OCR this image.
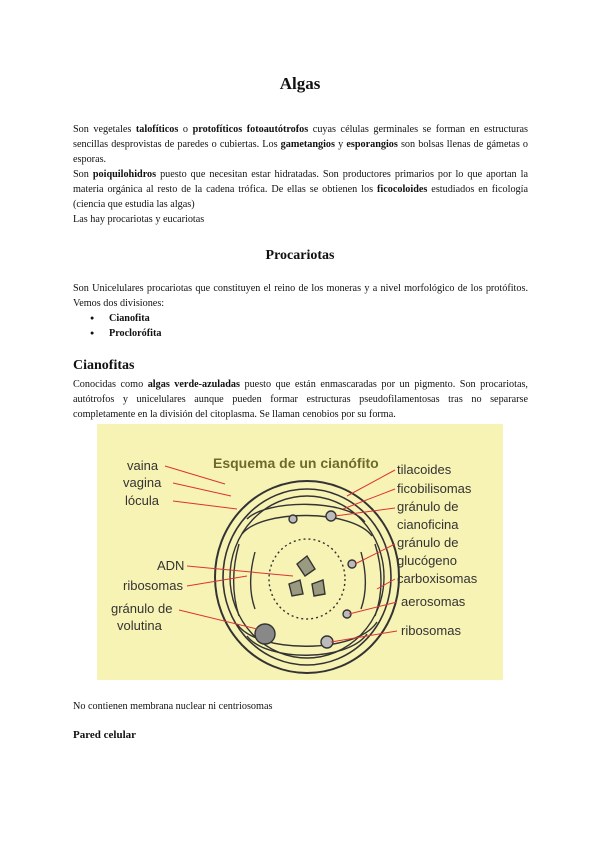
Algas
Son vegetales talofíticos o protofíticos fotoautótrofos cuyas células germinales se forman en estructuras sencillas desprovistas de paredes o cubiertas. Los gametangios y esporangios son bolsas llenas de gámetas o esporas.
Son poiquilohidros puesto que necesitan estar hidratadas. Son productores primarios por lo que aportan la materia orgánica al resto de la cadena trófica. De ellas se obtienen los ficocoloides estudiados en ficología (ciencia que estudia las algas)
Las hay procariotas y eucariotas
Procariotas
Son Unicelulares procariotas que constituyen el reino de los moneras y a nivel morfológico de los protófitos. Vemos dos divisiones:
● Cianofita
● Proclorófita
Cianofitas
Conocidas como algas verde-azuladas puesto que están enmascaradas por un pigmento. Son procariotas, autótrofos y unicelulares aunque pueden formar estructuras pseudofilamentosas tras no separarse completamente en la división del citoplasma. Se llaman cenobios por su forma.
Esquema de un cianófito
vaina
vagina
lócula
ADN
ribosomas
gránulo de
volutina
tilacoides
ficobilisomas
gránulo de
cianoficina
gránulo de
glucógeno
carboxisomas
aerosomas
ribosomas
No contienen membrana nuclear ni centriosomas
Pared celular
